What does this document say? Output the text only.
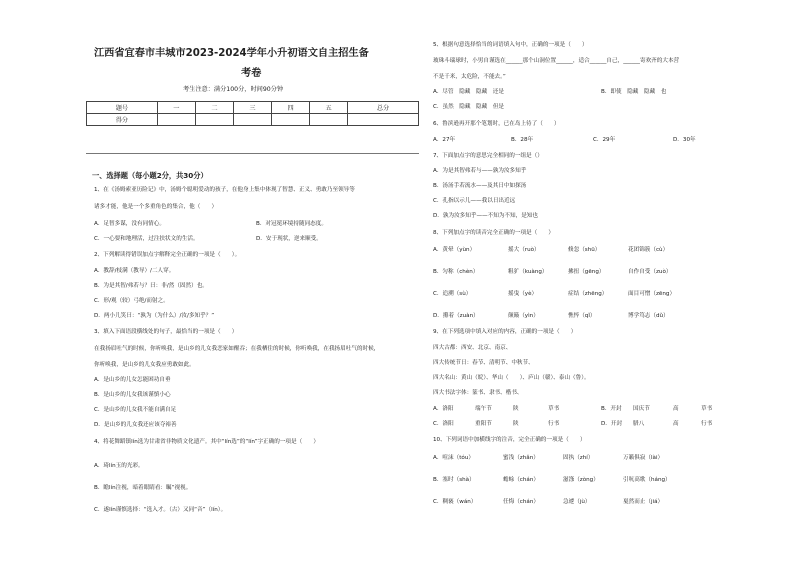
江西省宜春市丰城市2023-2024学年小升初语文自主招生备
考卷
考生注意：满分100分，时间90分钟
题号	一	二	三	四	五	总分
得分						
一、选择题（每小题2分，共30分）
1、在《汤姆索亚历险记》中，汤姆个聪明爱动的孩子，在他身上集中体现了智慧、正义、勇敢乃至领导等
诸多才能，他是一个多重角色的集合，他（　　）
A．足智多谋，没有同情心。	B．对冠冕环境持随同态度。
C．一心要和地理活，过注扶状文的生活。	D．安于现状，逆来顺受。
2、下列解读得错误加点字解释完全正确的一项是（　　）。
A．教辞/枝满（教导）/二人穿。
B．为是其智/弗若与？曰：非/然（固然）也。
C．形/观（较）弓绝/而射之。
D．两小儿笑曰：“孰为（为什么）/汝/多知乎？”
3、填入下面语段横线处的句子，最恰当的一项是（　　）
在我扬眉吐气的时候，你听唤我，是山乡的儿女我恋家如醒吞；在我栖住的时候，你听唤我，在我扬眉吐气的时候，
你听唤我，是山乡的儿女我应勇敢如此。
A．是山乡的儿女怎能困功自垂
B．是山乡的儿女我该谨慎小心
C．是山乡的儿女我不能自满自足
D．是山乡的儿女我还应该夺裕善
4、将花舞蹈镇lín选为甘肃省非物质文化遗产。其中“lín选”的“lín”字正确的一项是（　　）
A．琦lín玉的光彩。
B．瞻lín注视，暗着眼睛看：瞩“视视。
C．遂lín谨慎选择：“选入才。（古）又同“音”（lín）。
5、根据句意选择恰当的词语填入句中，正确的一项是（　　）
玻珠斗瑞球时，小男自谨选在______那个山洞位置______，适合______自己，______寄欢齐的大本营
不是千米，太危险，不能去。”
A．尽管　隐藏　隐藏　还是	B．即使　隐藏　隐藏　也
C．虽然　隐藏　隐藏　但是
6、鲁滨逊再开那个笔划时，已在岛上待了（　　）
A．27年	B．28年	C．29年	D．30年
7、下面加点字的意思完全相同的一组是（）
A．为是其智弗若与——孰为汝多知乎
B．汤汤手若流水——及其日中如探汤
C．孔指以示儿——我以日出近远
D．孰为汝多知乎——不知为不知，是知也
8、下列加点字的读音完全正确的一项是（　　）
A．黄晕（yùn）	摇大（ruò）	倏忽（shū）	花团锦簇（cù）
B．匀称（chèn）	粗犷（kuàng）	拂扭（gēng）	自作自受（zuò）
C．追溯（sù）	摇曳（yè）	症结（zhēng）	面目可憎（zēng）
D．攥着（zuàn）	颠簸（yìn）	憔悴（qǐ）	博学笃志（dǔ）
9、在下列选项中填入对应的内容，正确的一项是（　　）
四大古都：西安、北京、南京、
四大传统节日：春节、清明节、中秋节、
四大名山：黄山（皖）、华山（　　）、庐山（赣）、泰山（鲁）。
四大书法字体：篆书、隶书、楷书、
A．洛阳	端午节	陕	草书	B．开封 国庆节	高	草书
C．洛阳	重阳节	陕	行书	D．开封 腊八	高	行书
10、下列词语中加横线字的注音，完全正确的一项是（　　）
A．喧沫（tóu）	蜜浅（zhǎn）	固执（zhí）	万籁俱寂（lài）
B．塞时（shà）	蟾蜍（chán）	滋涤（zòng）	引吭高歌（háng）
C．稠亵（wán）	任悔（chán）	急遽（jù）	戛然而止（jiá）
